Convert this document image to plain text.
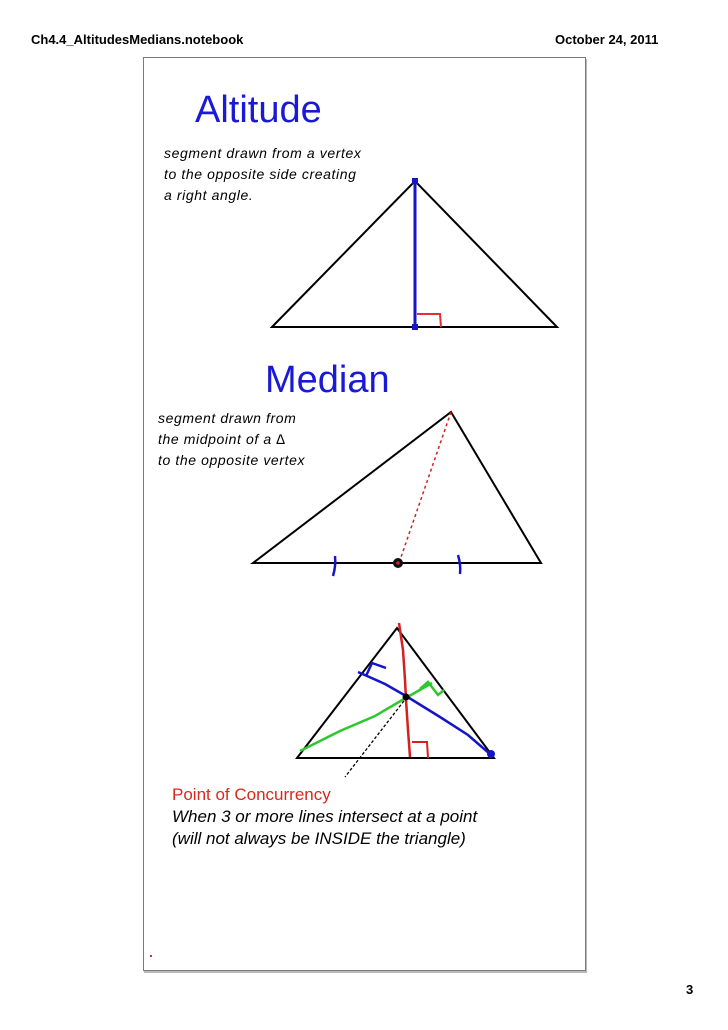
Ch4.4_AltitudesMedians.notebook	October 24, 2011
Altitude
segment drawn from a vertex
to the opposite side creating
a right angle.
Median
segment drawn from
the midpoint of a ∆
to the opposite vertex
Point of Concurrency
When 3 or more lines intersect at a point
(will not always be INSIDE the triangle)
3
